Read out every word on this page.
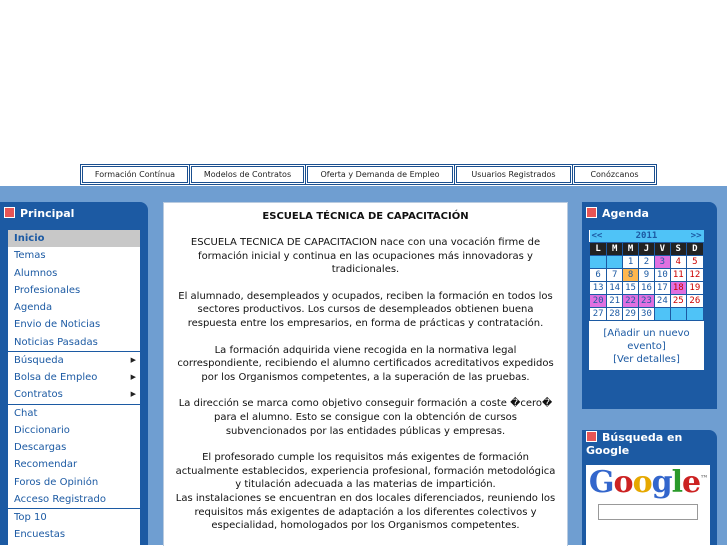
Formación Contínua	Modelos de Contratos	Oferta y Demanda de Empleo	Usuarios Registrados	Conózcanos
Principal
Inicio
Temas
Alumnos
Profesionales
Agenda
Envio de Noticias
Noticias Pasadas
Búsqueda	▶
Bolsa de Empleo	▶
Contratos	▶
Chat
Diccionario
Descargas
Recomendar
Foros de Opinión
Acceso Registrado
Top 10
Encuestas
ESCUELA TÉCNICA DE CAPACITACIÓN

ESCUELA TECNICA DE CAPACITACION nace con una vocación firme de formación inicial y continua en las ocupaciones más innovadoras y tradicionales.

El alumnado, desempleados y ocupados, reciben la formación en todos los sectores productivos. Los cursos de desempleados obtienen buena respuesta entre los empresarios, en forma de prácticas y contratación.

La formación adquirida viene recogida en la normativa legal correspondiente, recibiendo el alumno certificados acreditativos expedidos por los Organismos competentes, a la superación de las pruebas.

La dirección se marca como objetivo conseguir formación a coste �cero� para el alumno. Esto se consigue con la obtención de cursos subvencionados por las entidades públicas y empresas.

El profesorado cumple los requisitos más exigentes de formación actualmente establecidos, experiencia profesional, formación metodológica y titulación adecuada a las materias de impartición.
Las instalaciones se encuentran en dos locales diferenciados, reuniendo los requisitos más exigentes de adaptación a los diferentes colectivos y especialidad, homologados por los Organismos competentes.

Agenda
<<	2011					>>
L	M	M	J	V	S	D
		1	2	3	4	5
6	7	8	9	10	11	12
13	14	15	16	17	18	19
20	21	22	23	24	25	26
27	28	29	30			
[Añadir un nuevo evento]
[Ver detalles]
Búsqueda en Google
Google™
